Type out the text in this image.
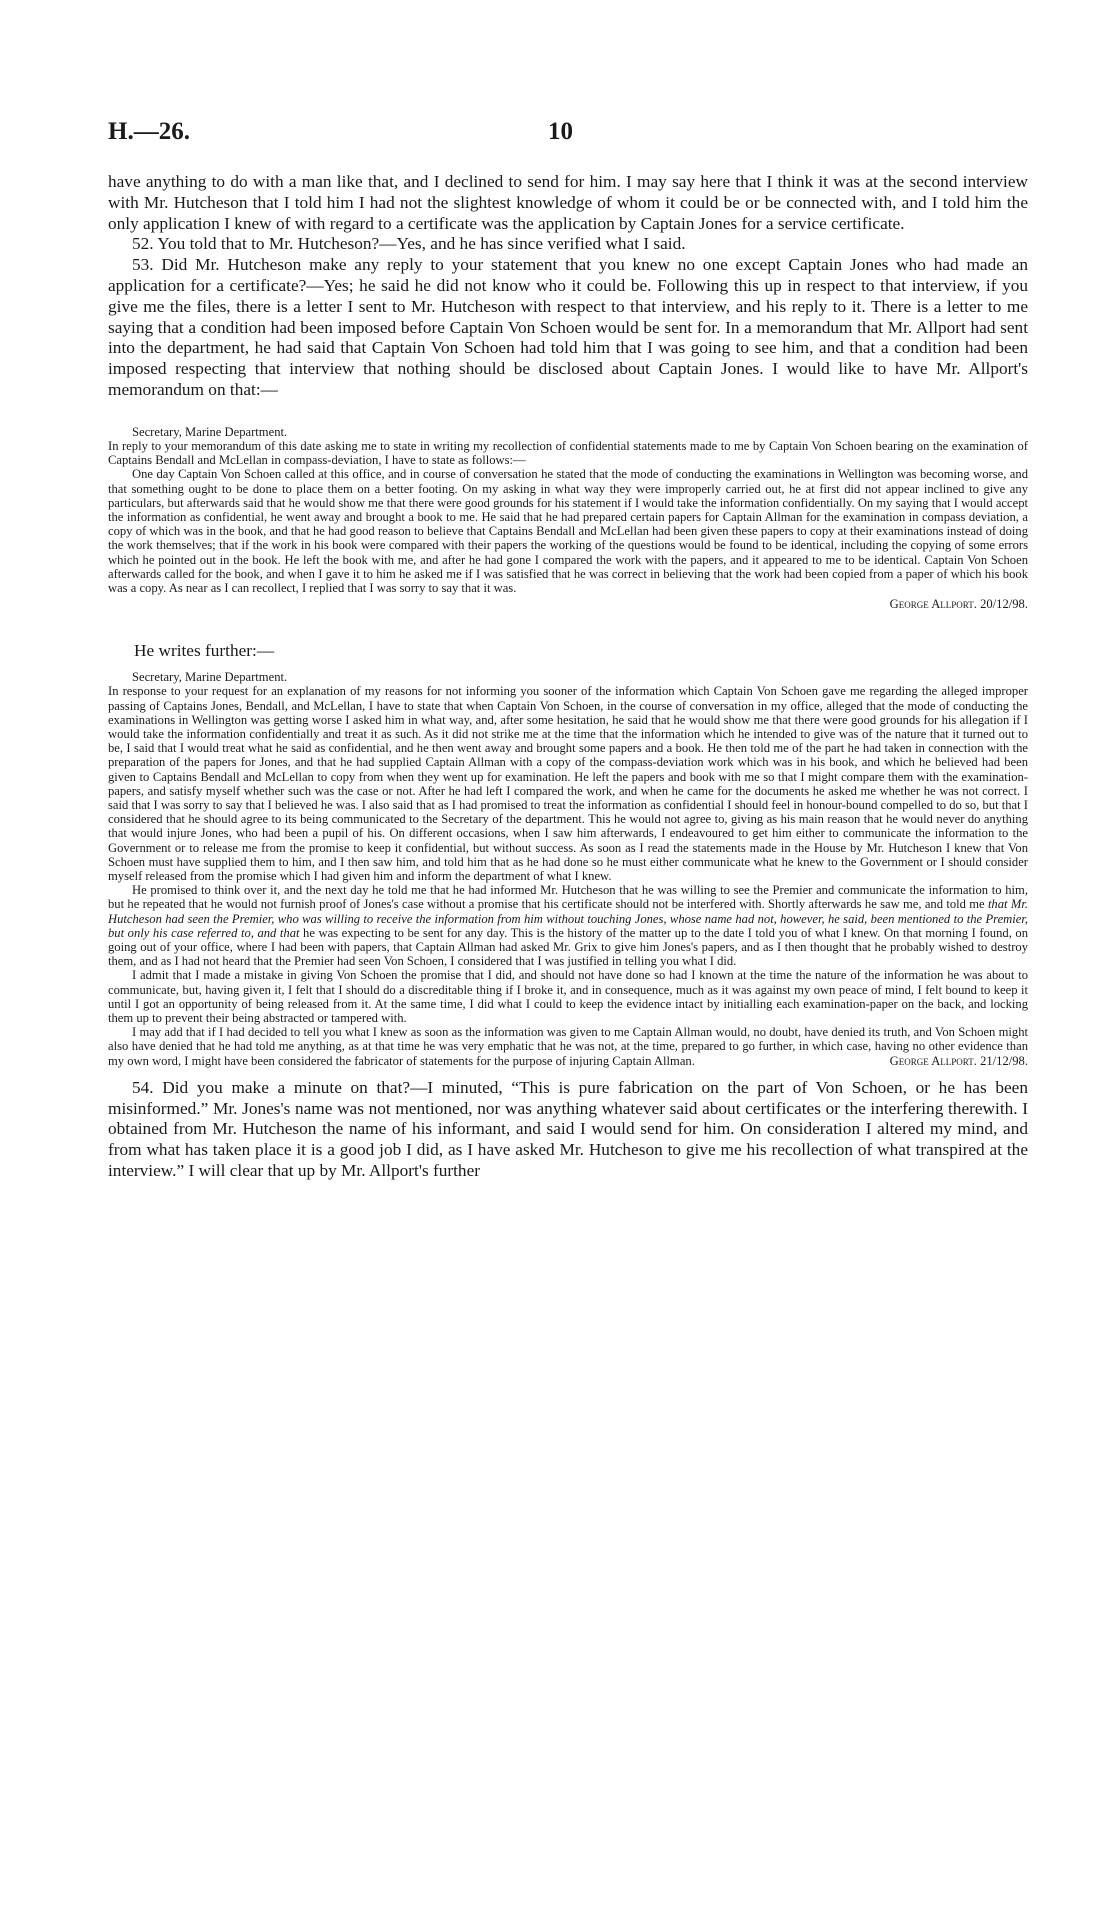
H.—26.	10

have anything to do with a man like that, and I declined to send for him. I may say here that I think it was at the second interview with Mr. Hutcheson that I told him I had not the slightest knowledge of whom it could be or be connected with, and I told him the only application I knew of with regard to a certificate was the application by Captain Jones for a service certificate.

52. You told that to Mr. Hutcheson?—Yes, and he has since verified what I said.

53. Did Mr. Hutcheson make any reply to your statement that you knew no one except Captain Jones who had made an application for a certificate?—Yes; he said he did not know who it could be. Following this up in respect to that interview, if you give me the files, there is a letter I sent to Mr. Hutcheson with respect to that interview, and his reply to it. There is a letter to me saying that a condition had been imposed before Captain Von Schoen would be sent for. In a memorandum that Mr. Allport had sent into the department, he had said that Captain Von Schoen had told him that I was going to see him, and that a condition had been imposed respecting that interview that nothing should be disclosed about Captain Jones. I would like to have Mr. Allport's memorandum on that:—

Secretary, Marine Department.

In reply to your memorandum of this date asking me to state in writing my recollection of confidential statements made to me by Captain Von Schoen bearing on the examination of Captains Bendall and McLellan in compass-deviation, I have to state as follows:—

One day Captain Von Schoen called at this office, and in course of conversation he stated that the mode of conducting the examinations in Wellington was becoming worse, and that something ought to be done to place them on a better footing. On my asking in what way they were improperly carried out, he at first did not appear inclined to give any particulars, but afterwards said that he would show me that there were good grounds for his statement if I would take the information confidentially. On my saying that I would accept the information as confidential, he went away and brought a book to me. He said that he had prepared certain papers for Captain Allman for the examination in compass deviation, a copy of which was in the book, and that he had good reason to believe that Captains Bendall and McLellan had been given these papers to copy at their examinations instead of doing the work themselves; that if the work in his book were compared with their papers the working of the questions would be found to be identical, including the copying of some errors which he pointed out in the book. He left the book with me, and after he had gone I compared the work with the papers, and it appeared to me to be identical. Captain Von Schoen afterwards called for the book, and when I gave it to him he asked me if I was satisfied that he was correct in believing that the work had been copied from a paper of which his book was a copy. As near as I can recollect, I replied that I was sorry to say that it was.

George Allport. 20/12/98.

He writes further:—

Secretary, Marine Department.

In response to your request for an explanation of my reasons for not informing you sooner of the information which Captain Von Schoen gave me regarding the alleged improper passing of Captains Jones, Bendall, and McLellan, I have to state that when Captain Von Schoen, in the course of conversation in my office, alleged that the mode of conducting the examinations in Wellington was getting worse I asked him in what way, and, after some hesitation, he said that he would show me that there were good grounds for his allegation if I would take the information confidentially and treat it as such. As it did not strike me at the time that the information which he intended to give was of the nature that it turned out to be, I said that I would treat what he said as confidential, and he then went away and brought some papers and a book. He then told me of the part he had taken in connection with the preparation of the papers for Jones, and that he had supplied Captain Allman with a copy of the compass-deviation work which was in his book, and which he believed had been given to Captains Bendall and McLellan to copy from when they went up for examination. He left the papers and book with me so that I might compare them with the examination-papers, and satisfy myself whether such was the case or not. After he had left I compared the work, and when he came for the documents he asked me whether he was not correct. I said that I was sorry to say that I believed he was. I also said that as I had promised to treat the information as confidential I should feel in honour-bound compelled to do so, but that I considered that he should agree to its being communicated to the Secretary of the department. This he would not agree to, giving as his main reason that he would never do anything that would injure Jones, who had been a pupil of his. On different occasions, when I saw him afterwards, I endeavoured to get him either to communicate the information to the Government or to release me from the promise to keep it confidential, but without success. As soon as I read the statements made in the House by Mr. Hutcheson I knew that Von Schoen must have supplied them to him, and I then saw him, and told him that as he had done so he must either communicate what he knew to the Government or I should consider myself released from the promise which I had given him and inform the department of what I knew.

He promised to think over it, and the next day he told me that he had informed Mr. Hutcheson that he was willing to see the Premier and communicate the information to him, but he repeated that he would not furnish proof of Jones's case without a promise that his certificate should not be interfered with. Shortly afterwards he saw me, and told me that Mr. Hutcheson had seen the Premier, who was willing to receive the information from him without touching Jones, whose name had not, however, he said, been mentioned to the Premier, but only his case referred to, and that he was expecting to be sent for any day. This is the history of the matter up to the date I told you of what I knew. On that morning I found, on going out of your office, where I had been with papers, that Captain Allman had asked Mr. Grix to give him Jones's papers, and as I then thought that he probably wished to destroy them, and as I had not heard that the Premier had seen Von Schoen, I considered that I was justified in telling you what I did.

I admit that I made a mistake in giving Von Schoen the promise that I did, and should not have done so had I known at the time the nature of the information he was about to communicate, but, having given it, I felt that I should do a discreditable thing if I broke it, and in consequence, much as it was against my own peace of mind, I felt bound to keep it until I got an opportunity of being released from it. At the same time, I did what I could to keep the evidence intact by initialling each examination-paper on the back, and locking them up to prevent their being abstracted or tampered with.

I may add that if I had decided to tell you what I knew as soon as the information was given to me Captain Allman would, no doubt, have denied its truth, and Von Schoen might also have denied that he had told me anything, as at that time he was very emphatic that he was not, at the time, prepared to go further, in which case, having no other evidence than my own word, I might have been considered the fabricator of statements for the purpose of injuring Captain Allman.	George Allport. 21/12/98.

54. Did you make a minute on that?—I minuted, “This is pure fabrication on the part of Von Schoen, or he has been misinformed.” Mr. Jones's name was not mentioned, nor was anything whatever said about certificates or the interfering therewith. I obtained from Mr. Hutcheson the name of his informant, and said I would send for him. On consideration I altered my mind, and from what has taken place it is a good job I did, as I have asked Mr. Hutcheson to give me his recollection of what transpired at the interview.” I will clear that up by Mr. Allport's further
